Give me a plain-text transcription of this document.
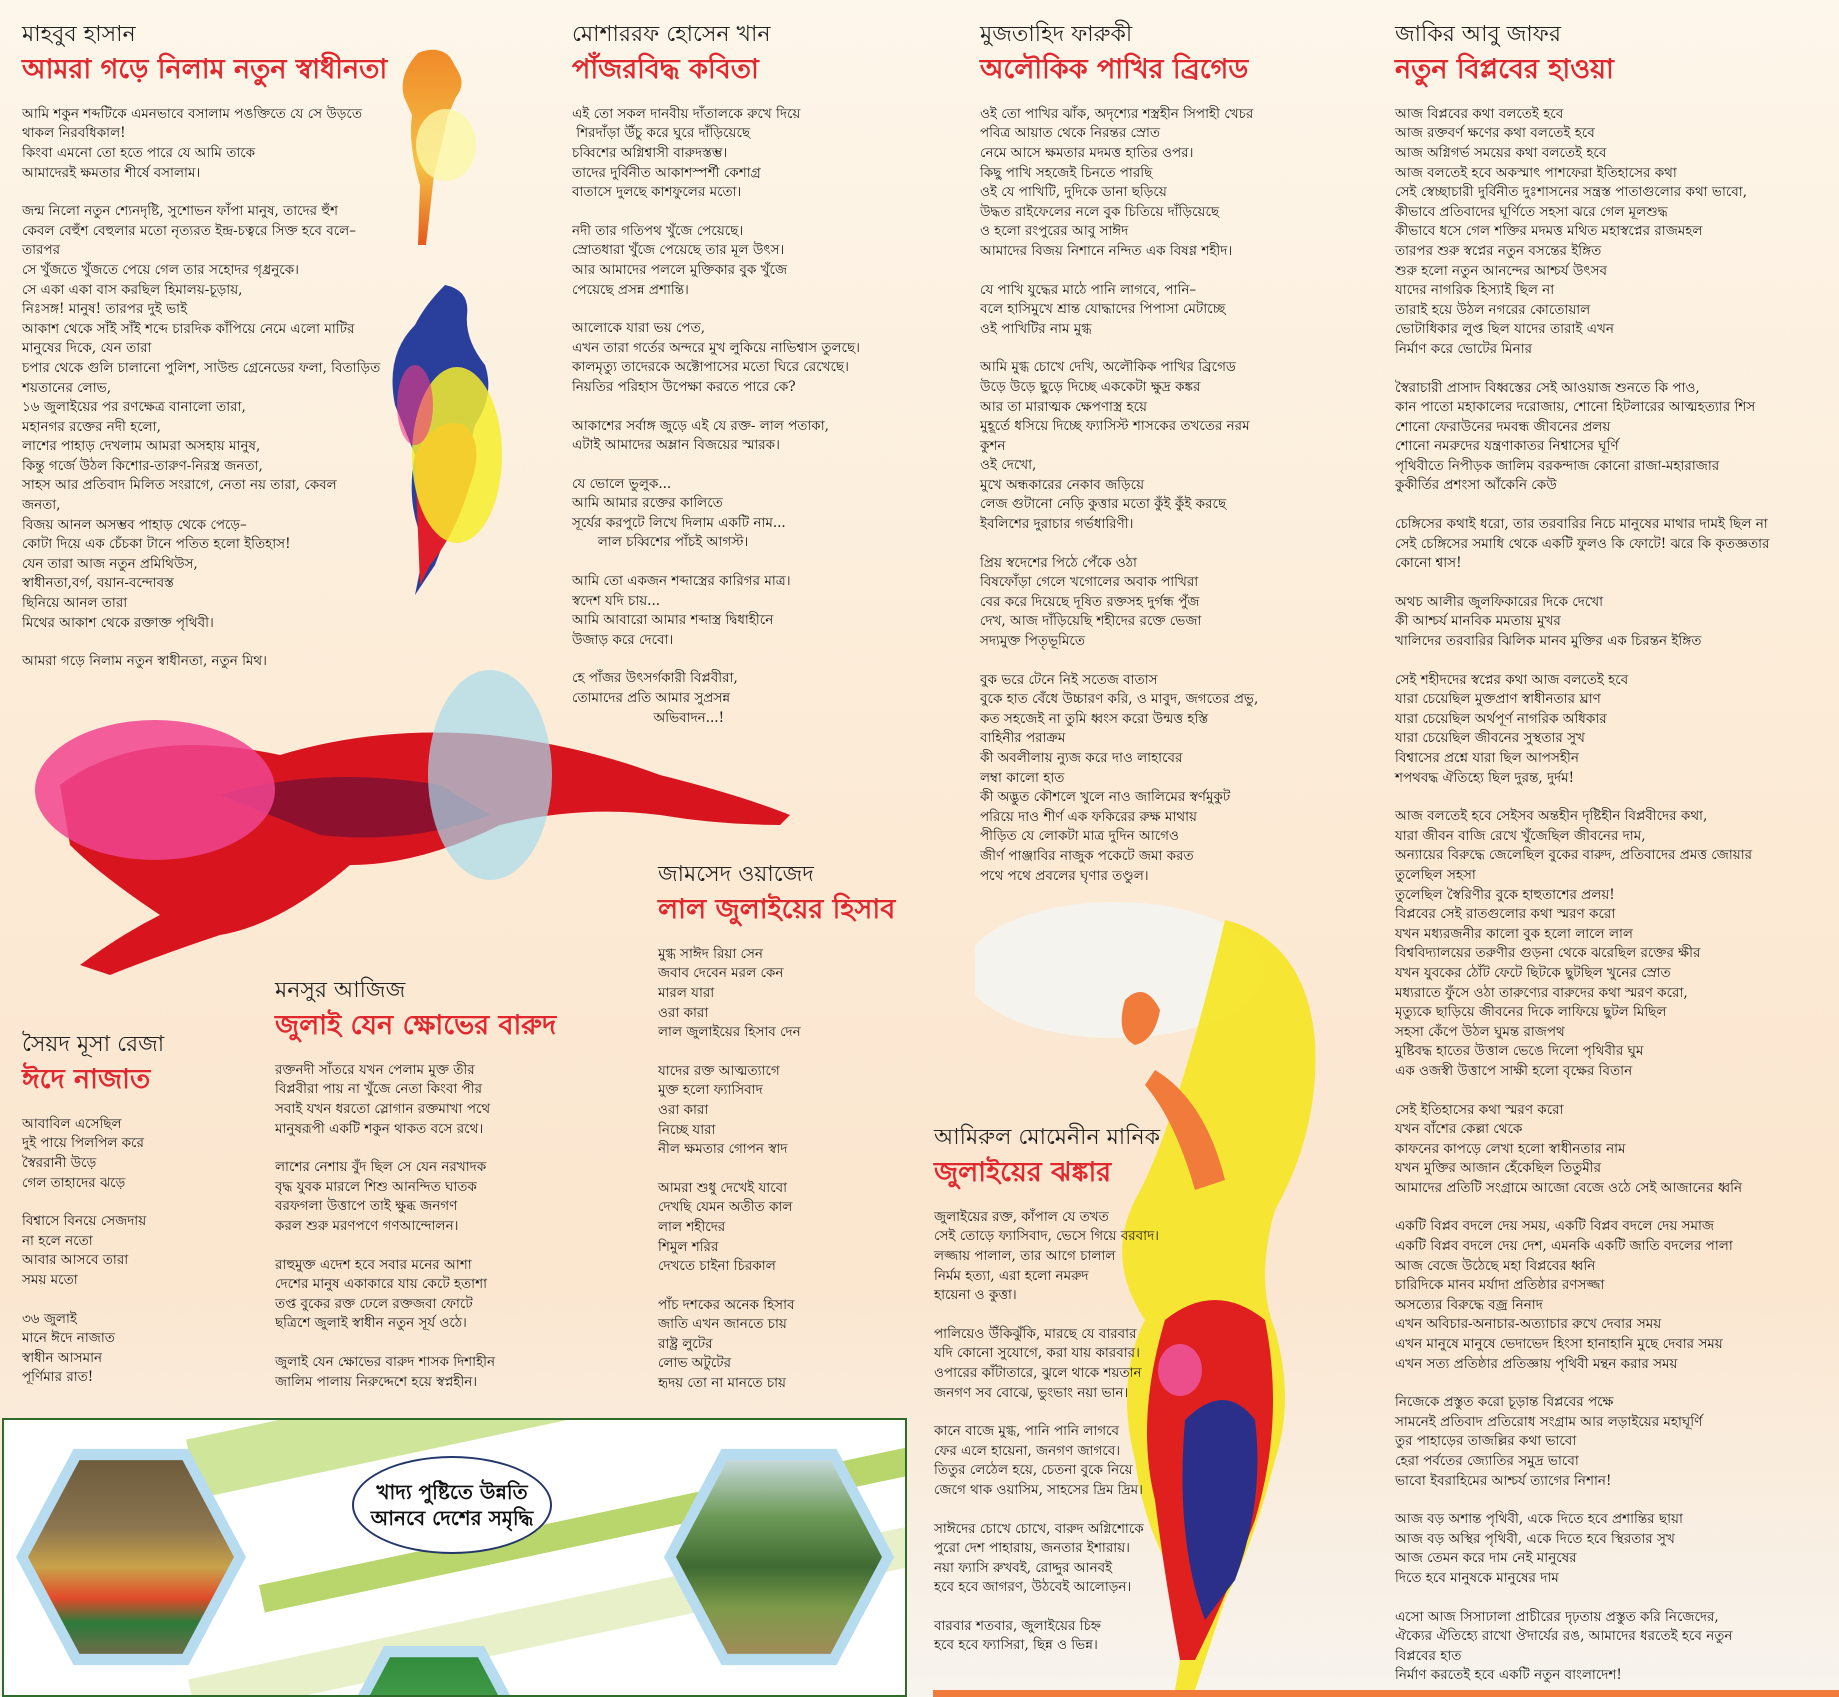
মাহবুব হাসান
আমরা গড়ে নিলাম নতুন স্বাধীনতা
আমি শকুন শব্দটিকে এমনভাবে বসালাম পঙক্তিতে যে সে উড়তে
থাকল নিরবধিকাল!
কিংবা এমনো তো হতে পারে যে আমি তাকে
আমাদেরই ক্ষমতার শীর্ষে বসালাম।
জন্ম নিলো নতুন শ্যেনদৃষ্টি, সুশোভন ফাঁপা মানুষ, তাদের হুঁশ
কেবল বেহুঁশ বেহুলার মতো নৃত্যরত ইন্দ্র-চত্বরে সিক্ত হবে বলে–
তারপর
সে খুঁজতে খুঁজতে পেয়ে গেল তার সহোদর গৃধ্রনুকে।
সে একা একা বাস করছিল হিমালয়-চূড়ায়,
নিঃসঙ্গ! মানুষ! তারপর দুই ভাই
আকাশ থেকে সাঁই সাঁই শব্দে চারদিক কাঁপিয়ে নেমে এলো মাটির
মানুষের দিকে, যেন তারা
চপার থেকে গুলি চালানো পুলিশ, সাউন্ড গ্রেনেডের ফলা, বিতাড়িত
শয়তানের লোভ,
১৬ জুলাইয়ের পর রণক্ষেত্র বানালো তারা,
মহানগর রক্তের নদী হলো,
লাশের পাহাড় দেখলাম আমরা অসহায় মানুষ,
কিন্তু গর্জে উঠল কিশোর-তারুণ-নিরস্ত্র জনতা,
সাহস আর প্রতিবাদ মিলিত সংরাগে, নেতা নয় তারা, কেবল
জনতা,
বিজয় আনল অসম্ভব পাহাড় থেকে পেড়ে–
কোটা দিয়ে এক চেঁচকা টানে পতিত হলো ইতিহাস!
যেন তারা আজ নতুন প্রমিথিউস,
স্বাধীনতা,বর্গ, বয়ান-বন্দোবস্ত
ছিনিয়ে আনল তারা
মিথের আকাশ থেকে রক্তাক্ত পৃথিবী।
আমরা গড়ে নিলাম নতুন স্বাধীনতা, নতুন মিথ।
মোশাররফ হোসেন খান
পাঁজরবিদ্ধ কবিতা
এই তো সকল দানবীয় দাঁতালকে রুখে দিয়ে
শিরদাঁড়া উঁচু করে ঘুরে দাঁড়িয়েছে
চব্বিশের অগ্নিশ্বাসী বারুদস্তম্ভ।
তাদের দুর্বিনীত আকাশস্পর্শী কেশাগ্র
বাতাসে দুলছে কাশফুলের মতো।
নদী তার গতিপথ খুঁজে পেয়েছে।
স্রোতধারা খুঁজে পেয়েছে তার মূল উৎস।
আর আমাদের পললে মুক্তিকার বুক খুঁজে
পেয়েছে প্রসন্ন প্রশান্তি।
আলোকে যারা ভয় পেত,
এখন তারা গর্তের অন্দরে মুখ লুকিয়ে নাভিশ্বাস তুলছে।
কালমৃত্যু তাদেরকে অক্টোপাসের মতো ঘিরে রেখেছে।
নিয়তির পরিহাস উপেক্ষা করতে পারে কে?
আকাশের সর্বাঙ্গ জুড়ে এই যে রক্ত- লাল পতাকা,
এটাই আমাদের অম্লান বিজয়ের স্মারক।
যে ভোলে ভুলুক...
আমি আমার রক্তের কালিতে
সূর্যের করপুটে লিখে দিলাম একটি নাম...
লাল চব্বিশের পাঁচই আগস্ট।
আমি তো একজন শব্দাস্ত্রের কারিগর মাত্র।
স্বদেশ যদি চায়...
আমি আবারো আমার শব্দাস্ত্র দ্বিধাহীনে
উজাড় করে দেবো।
হে পাঁজর উৎসর্গকারী বিপ্লবীরা,
তোমাদের প্রতি আমার সুপ্রসন্ন
অভিবাদন...!
মুজতাহিদ ফারুকী
অলৌকিক পাখির ব্রিগেড
ওই তো পাখির ঝাঁক, অদৃশ্যের শস্ত্রহীন সিপাহী খেচর
পবিত্র আয়াত থেকে নিরন্তর স্রোত
নেমে আসে ক্ষমতার মদমত্ত হাতির ওপর।
কিছু পাখি সহজেই চিনতে পারছি
ওই যে পাখিটি, দুদিকে ডানা ছড়িয়ে
উদ্ধত রাইফেলের নলে বুক চিতিয়ে দাঁড়িয়েছে
ও হলো রংপুরের আবু সাঈদ
আমাদের বিজয় নিশানে নন্দিত এক বিষণ্ণ শহীদ।
যে পাখি যুদ্ধের মাঠে পানি লাগবে, পানি–
বলে হাসিমুখে শ্রান্ত যোদ্ধাদের পিপাসা মেটাচ্ছে
ওই পাখিটির নাম মুগ্ধ
আমি মুগ্ধ চোখে দেখি, অলৌকিক পাখির ব্রিগেড
উড়ে উড়ে ছুড়ে দিচ্ছে এককেটা ক্ষুদ্র কঙ্কর
আর তা মারাত্মক ক্ষেপণাস্ত্র হয়ে
মুহূর্তে ধসিয়ে দিচ্ছে ফ্যাসিস্ট শাসকের তখতের নরম
কুশন
ওই দেখো,
মুখে অন্ধকারের নেকাব জড়িয়ে
লেজ গুটানো নেড়ি কুত্তার মতো কুঁই কুঁই করছে
ইবলিশের দুরাচার গর্ভধারিণী।
প্রিয় স্বদেশের পিঠে পেঁকে ওঠা
বিষফোঁড়া গেলে খগোলের অবাক পাখিরা
বের করে দিয়েছে দূষিত রক্তসহ দুর্গন্ধ পুঁজ
দেখ, আজ দাঁড়িয়েছি শহীদের রক্তে ভেজা
সদ্যমুক্ত পিতৃভূমিতে
বুক ভরে টেনে নিই সতেজ বাতাস
বুকে হাত বেঁধে উচ্চারণ করি, ও মাবুদ, জগতের প্রভু,
কত সহজেই না তুমি ধ্বংস করো উন্মত্ত হস্তি
বাহিনীর পরাক্রম
কী অবলীলায় ন্যুজ করে দাও লাহাবের
লম্বা কালো হাত
কী অদ্ভুত কৌশলে খুলে নাও জালিমের স্বর্ণমুকুট
পরিয়ে দাও শীর্ণ এক ফকিরের রুক্ষ মাথায়
পীড়িত যে লোকটা মাত্র দুদিন আগেও
জীর্ণ পাঞ্জাবির নাজুক পকেটে জমা করত
পথে পথে প্রবলের ঘৃণার তণ্ডুল।
জাকির আবু জাফর
নতুন বিপ্লবের হাওয়া
আজ বিপ্লবের কথা বলতেই হবে
আজ রক্তবর্ণ ক্ষণের কথা বলতেই হবে
আজ অগ্নিগর্ভ সময়ের কথা বলতেই হবে
আজ বলতেই হবে অকস্মাৎ পাশফেরা ইতিহাসের কথা
সেই স্বেচ্ছাচারী দুর্বিনীত দুঃশাসনের সন্ত্রস্ত পাতাগুলোর কথা ভাবো,
কীভাবে প্রতিবাদের ঘূর্ণিতে সহসা ঝরে গেল মূলশুদ্ধ
কীভাবে ধসে গেল শক্তির মদমত্ত মথিত মহাস্বপ্নের রাজমহল
তারপর শুরু স্বপ্নের নতুন বসন্তের ইঙ্গিত
শুরু হলো নতুন আনন্দের আশ্চর্য উৎসব
যাদের নাগরিক হিস্যাই ছিল না
তারাই হয়ে উঠল নগরের কোতোয়াল
ভোটাধিকার লুপ্ত ছিল যাদের তারাই এখন
নির্মাণ করে ভোটের মিনার
স্বৈরাচারী প্রাসাদ বিধ্বস্তের সেই আওয়াজ শুনতে কি পাও,
কান পাতো মহাকালের দরোজায়, শোনো হিটলারের আত্মহত্যার শিস
শোনো ফেরাউনের দমবন্ধ জীবনের প্রলয়
শোনো নমরুদের যন্ত্রণাকাতর নিশ্বাসের ঘূর্ণি
পৃথিবীতে নিপীড়ক জালিম বরকন্দাজ কোনো রাজা-মহারাজার
কুকীর্তির প্রশংসা আঁকেনি কেউ
চেঙ্গিসের কথাই ধরো, তার তরবারির নিচে মানুষের মাথার দামই ছিল না
সেই চেঙ্গিসের সমাধি থেকে একটি ফুলও কি ফোটে! ঝরে কি কৃতজ্ঞতার
কোনো শ্বাস!
অথচ আলীর জুলফিকারের দিকে দেখো
কী আশ্চর্য মানবিক মমতায় মুখর
খালিদের তরবারির ঝিলিক মানব মুক্তির এক চিরন্তন ইঙ্গিত
সেই শহীদদের স্বপ্নের কথা আজ বলতেই হবে
যারা চেয়েছিল মুক্তপ্রাণ স্বাধীনতার ঘ্রাণ
যারা চেয়েছিল অর্থপূর্ণ নাগরিক অধিকার
যারা চেয়েছিল জীবনের সুস্থতার সুখ
বিশ্বাসের প্রশ্নে যারা ছিল আপসহীন
শপথবদ্ধ ঐতিহ্যে ছিল দুরন্ত, দুর্দম!
আজ বলতেই হবে সেইসব অন্তহীন দৃষ্টিহীন বিপ্লবীদের কথা,
যারা জীবন বাজি রেখে খুঁজেছিল জীবনের দাম,
অন্যায়ের বিরুদ্ধে জেলেছিল বুকের বারুদ, প্রতিবাদের প্রমত্ত জোয়ার
তুলেছিল সহসা
তুলেছিল স্বৈরিণীর বুকে হাহুতাশের প্রলয়!
বিপ্লবের সেই রাতগুলোর কথা স্মরণ করো
যখন মধ্যরজনীর কালো বুক হলো লালে লাল
বিশ্ববিদ্যালয়ের তরুণীর গুড়না থেকে ঝরেছিল রক্তের ক্ষীর
যখন যুবকের ঠোঁট ফেটে ছিটকে ছুটছিল খুনের স্রোত
মধ্যরাতে ফুঁসে ওঠা তারুণ্যের বারুদের কথা স্মরণ করো,
মৃত্যুকে ছাড়িয়ে জীবনের দিকে লাফিয়ে ছুটল মিছিল
সহসা কেঁপে উঠল ঘুমন্ত রাজপথ
মুষ্টিবদ্ধ হাতের উত্তাল ভেঙে দিলো পৃথিবীর ঘুম
এক ওজস্বী উত্তাপে সাক্ষী হলো বৃক্ষের বিতান
সেই ইতিহাসের কথা স্মরণ করো
যখন বাঁশের কেল্লা থেকে
কাফনের কাপড়ে লেখা হলো স্বাধীনতার নাম
যখন মুক্তির আজান হেঁকেছিল তিতুমীর
আমাদের প্রতিটি সংগ্রামে আজো বেজে ওঠে সেই আজানের ধ্বনি
একটি বিপ্লব বদলে দেয় সময়, একটি বিপ্লব বদলে দেয় সমাজ
একটি বিপ্লব বদলে দেয় দেশ, এমনকি একটি জাতি বদলের পালা
আজ বেজে উঠেছে মহা বিপ্লবের ধ্বনি
চারিদিকে মানব মর্যাদা প্রতিষ্ঠার রণসজ্জা
অসত্যের বিরুদ্ধে বজ্র নিনাদ
এখন অবিচার-অনাচার-অত্যাচার রুখে দেবার সময়
এখন মানুষে মানুষে ভেদাভেদ হিংসা হানাহানি মুছে দেবার সময়
এখন সত্য প্রতিষ্ঠার প্রতিজ্ঞায় পৃথিবী মন্থন করার সময়
নিজেকে প্রস্তুত করো চূড়ান্ত বিপ্লবের পক্ষে
সামনেই প্রতিবাদ প্রতিরোধ সংগ্রাম আর লড়াইয়ের মহাঘূর্ণি
তুর পাহাড়ের তাজল্লির কথা ভাবো
হেরা পর্বতের জ্যোতির সমুদ্র ভাবো
ভাবো ইবরাহিমের আশ্চর্য ত্যাগের নিশান!
আজ বড় অশান্ত পৃথিবী, একে দিতে হবে প্রশান্তির ছায়া
আজ বড় অস্থির পৃথিবী, একে দিতে হবে স্থিরতার সুখ
আজ তেমন করে দাম নেই মানুষের
দিতে হবে মানুষকে মানুষের দাম
এসো আজ সিসাঢালা প্রাচীরের দৃঢ়তায় প্রস্তুত করি নিজেদের,
ঐক্যের ঐতিহ্যে রাখো ঔদার্যের রঙ, আমাদের ধরতেই হবে নতুন
বিপ্লবের হাত
নির্মাণ করতেই হবে একটি নতুন বাংলাদেশ!
জামসেদ ওয়াজেদ
লাল জুলাইয়ের হিসাব
মুগ্ধ সাঈদ রিয়া সেন
জবাব দেবেন মরল কেন
মারল যারা
ওরা কারা
লাল জুলাইয়ের হিসাব দেন
যাদের রক্ত আত্মত্যাগে
মুক্ত হলো ফ্যাসিবাদ
ওরা কারা
নিচ্ছে যারা
নীল ক্ষমতার গোপন স্বাদ
আমরা শুধু দেখেই যাবো
দেখছি যেমন অতীত কাল
লাল শহীদের
শিমুল শরির
দেখতে চাইনা চিরকাল
পাঁচ দশকের অনেক হিসাব
জাতি এখন জানতে চায়
রাষ্ট্র লুটের
লোভ অটুটের
হৃদয় তো না মানতে চায়
মনসুর আজিজ
জুলাই যেন ক্ষোভের বারুদ
রক্তনদী সাঁতরে যখন পেলাম মুক্ত তীর
বিপ্লবীরা পায় না খুঁজে নেতা কিংবা পীর
সবাই যখন ধরতো স্লোগান রক্তমাখা পথে
মানুষরূপী একটি শকুন থাকত বসে রথে।
লাশের নেশায় বুঁদ ছিল সে যেন নরখাদক
বৃদ্ধ যুবক মারলে শিশু আনন্দিত ঘাতক
বরফগলা উত্তাপে তাই ক্ষুব্ধ জনগণ
করল শুরু মরণপণে গণআন্দোলন।
রাহুমুক্ত এদেশ হবে সবার মনের আশা
দেশের মানুষ একাকারে যায় কেটে হতাশা
তপ্ত বুকের রক্ত ঢেলে রক্তজবা ফোটে
ছত্রিশে জুলাই স্বাধীন নতুন সূর্য ওঠে।
জুলাই যেন ক্ষোভের বারুদ শাসক দিশাহীন
জালিম পালায় নিরুদ্দেশে হয়ে স্বপ্নহীন।
সৈয়দ মূসা রেজা
ঈদে নাজাত
আবাবিল এসেছিল
দুই পায়ে পিলপিল করে
স্বৈররানী উড়ে
গেল তাহাদের ঝড়ে
বিশ্বাসে বিনয়ে সেজদায়
না হলে নতো
আবার আসবে তারা
সময় মতো
৩৬ জুলাই
মানে ঈদে নাজাত
স্বাধীন আসমান
পূর্ণিমার রাত!
আমিরুল মোমেনীন মানিক
জুলাইয়ের ঝঙ্কার
জুলাইয়ের রক্ত, কাঁপাল যে তখত
সেই তোড়ে ফ্যাসিবাদ, ভেসে গিয়ে বরবাদ।
লজ্জায় পালাল, তার আগে চালাল
নির্মম হত্যা, এরা হলো নমরুদ
হায়েনা ও কুত্তা।
পালিয়েও উঁকিঝুঁকি, মারছে যে বারবার
যদি কোনো সুযোগে, করা যায় কারবার।
ওপারের কাঁটাতারে, ঝুলে থাকে শয়তান
জনগণ সব বোঝে, ভুংভাং নয়া ভান।
কানে বাজে মুগ্ধ, পানি পানি লাগবে
ফের এলে হায়েনা, জনগণ জাগবে।
তিতুর লেঠেল হয়ে, চেতনা বুকে নিয়ে
জেগে থাক ওয়াসিম, সাহসের দ্রিম দ্রিম।
সাঈদের চোখে চোখে, বারুদ অগ্নিশোকে
পুরো দেশ পাহারায়, জনতার ইশারায়।
নয়া ফ্যাসি রুখবই, রোদ্দুর আনবই
হবে হবে জাগরণ, উঠবেই আলোড়ন।
বারবার শতবার, জুলাইয়ের চিহ্ন
হবে হবে ফ্যাসিরা, ছিন্ন ও ভিন্ন।
খাদ্য পুষ্টিতে উন্নতি
আনবে দেশের সমৃদ্ধি
